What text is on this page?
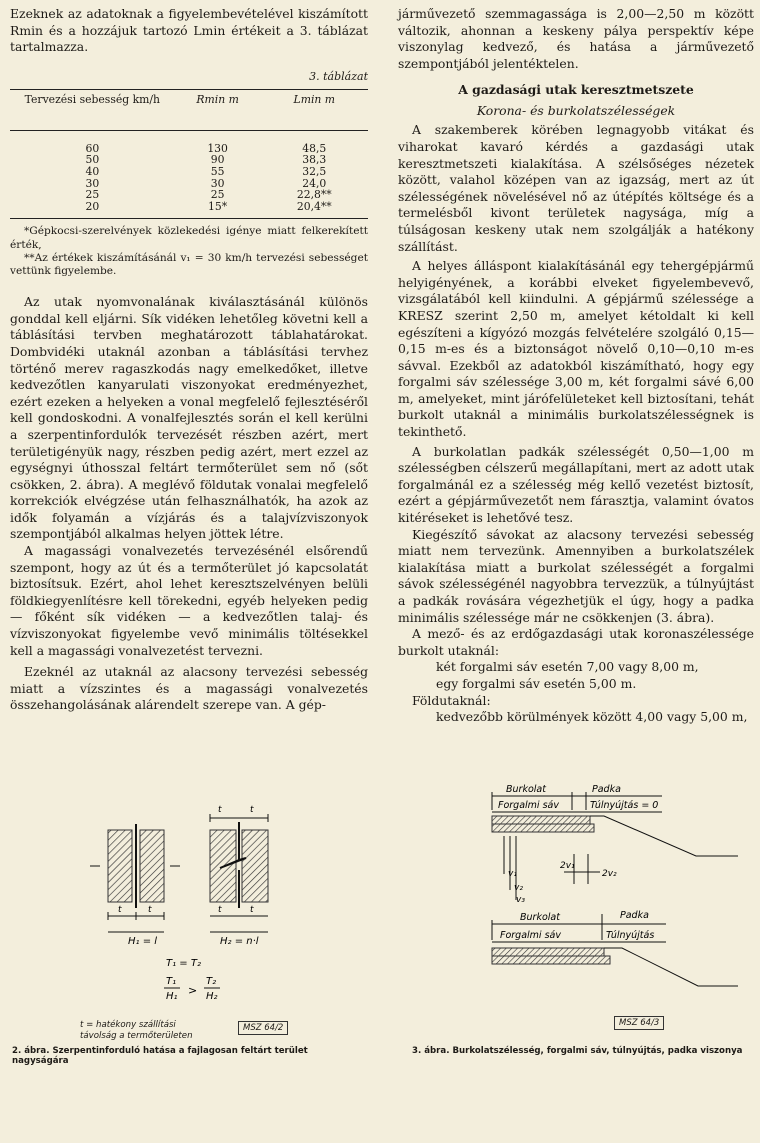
Ezeknek az adatoknak a figyelembevételével kiszámított Rmin és a hozzájuk tartozó Lmin értékeit a 3. táblázat tartalmazza.

3. táblázat
Tervezési sebesség km/h	Rmin m	Lmin m

60	130	48,5
50	90	38,3
40	55	32,5
30	30	24,0
25	25	22,8**
20	15*	20,4**

*Gépkocsi-szerelvények közlekedési igénye miatt felkerekített érték,

**Az értékek kiszámításánál v₁ = 30 km/h tervezési sebességet vettünk figyelembe.

Az utak nyomvonalának kiválasztásánál különös gonddal kell eljárni. Sík vidéken lehetőleg követni kell a táblásítási tervben meghatározott táblahatárokat. Dombvidéki utaknál azonban a táblásítási tervhez történő merev ragaszkodás nagy emelkedőket, illetve kedvezőtlen kanyarulati viszonyokat eredményezhet, ezért ezeken a helyeken a vonal megfelelő fejlesztéséről kell gondoskodni. A vonalfejlesztés során el kell kerülni a szerpentinfordulók tervezését részben azért, mert területigényük nagy, részben pedig azért, mert ezzel az egységnyi úthosszal feltárt termőterület sem nő (sőt csökken, 2. ábra). A meglévő földutak vonalai megfelelő korrekciók elvégzése után felhasználhatók, ha azok az idők folyamán a vízjárás és a talajvízviszonyok szempontjából alkalmas helyen jöttek létre.

A magassági vonalvezetés tervezésénél elsőrendű szempont, hogy az út és a termőterület jó kapcsolatát biztosítsuk. Ezért, ahol lehet keresztszelvényen belüli földkiegyenlítésre kell törekedni, egyéb helyeken pedig — főként sík vidéken — a kedvezőtlen talaj- és vízviszonyokat figyelembe vevő minimális töltésekkel kell a magassági vonalvezetést tervezni.

Ezeknél az utaknál az alacsony tervezési sebesség miatt a vízszintes és a magassági vonalvezetés összehangolásának alárendelt szerepe van. A gép-

t	t
H₁ = l
t	t
t	t
H₂ = n·l
T₁ = T₂
T₁
H₁ >
T₂
H₂
t = hatékony szállítási távolság a termőterületen
MSZ 64/2
2. ábra. Szerpentinforduló hatása a fajlagosan feltárt terület nagyságára

járművezető szemmagassága is 2,00—2,50 m között változik, ahonnan a keskeny pálya perspektív képe viszonylag kedvező, és hatása a járművezető szempontjából jelentéktelen.

A gazdasági utak keresztmetszete
Korona- és burkolatszélességek

A szakemberek körében legnagyobb vitákat és viharokat kavaró kérdés a gazdasági utak keresztmetszeti kialakítása. A szélsőséges nézetek között, valahol középen van az igazság, mert az út szélességének növelésével nő az útépítés költsége és a termelésből kivont területek nagysága, míg a túlságosan keskeny utak nem szolgálják a hatékony szállítást.

A helyes álláspont kialakításánál egy tehergépjármű helyigényének, a korábbi elveket figyelembevevő, vizsgálatából kell kiindulni. A gépjármű szélessége a KRESZ szerint 2,50 m, amelyet kétoldalt ki kell egészíteni a kígyózó mozgás felvételére szolgáló 0,15—0,15 m-es és a biztonságot növelő 0,10—0,10 m-es sávval. Ezekből az adatokból kiszámítható, hogy egy forgalmi sáv szélessége 3,00 m, két forgalmi sávé 6,00 m, amelyeket, mint járófelületeket kell biztosítani, tehát burkolt utaknál a minimális burkolatszélességnek is tekinthető.

A burkolatlan padkák szélességét 0,50—1,00 m szélességben célszerű megállapítani, mert az adott utak forgalmánál ez a szélesség még kellő vezetést biztosít, ezért a gépjárművezetőt nem fárasztja, valamint óvatos kitéréseket is lehetővé tesz.

Kiegészítő sávokat az alacsony tervezési sebesség miatt nem tervezünk. Amennyiben a burkolatszélek kialakítása miatt a burkolat szélességét a forgalmi sávok szélességénél nagyobbra tervezzük, a túlnyújtást a padkák rovására végezhetjük el úgy, hogy a padka minimális szélessége már ne csökkenjen (3. ábra).

A mező- és az erdőgazdasági utak koronaszélessége burkolt utaknál:

két forgalmi sáv esetén 7,00 vagy 8,00 m,

egy forgalmi sáv esetén 5,00 m.

Földutaknál:

kedvezőbb körülmények között 4,00 vagy 5,00 m,

Burkolat	Padka
Forgalmi sáv	Túlnyújtás = 0
v₁
v₂
v₃
2v₁
2v₂
Burkolat	Padka
Forgalmi sáv	Túlnyújtás
MSZ 64/3
3. ábra. Burkolatszélesség, forgalmi sáv, túlnyújtás, padka viszonya
